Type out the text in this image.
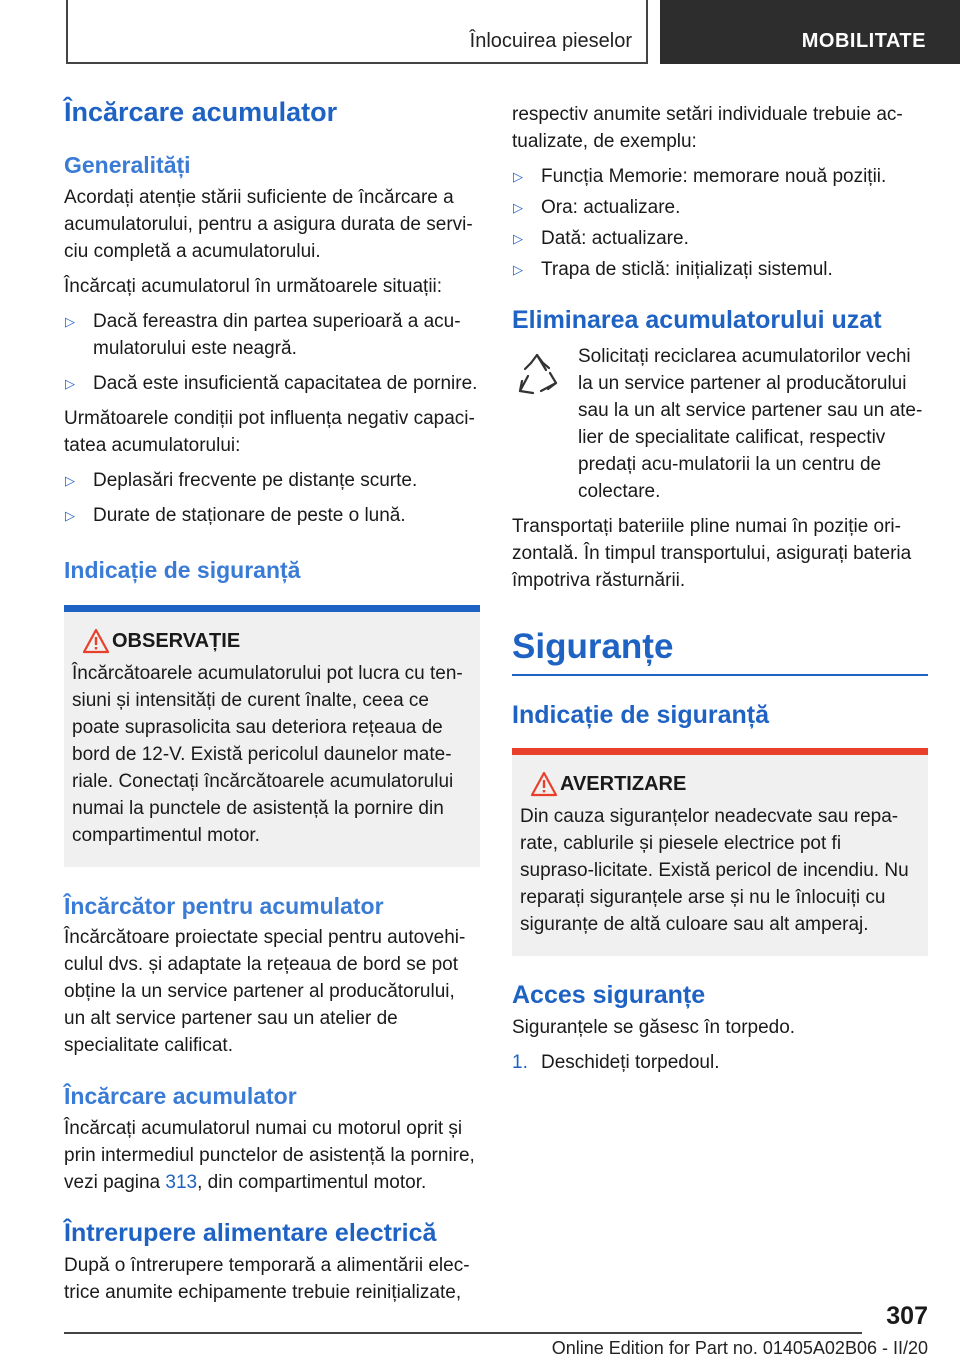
Înlocuirea pieselor	MOBILITATE
Încărcare acumulator
Generalități

Acordați atenție stării suficiente de încărcare a acumulatorului, pentru a asigura durata de servi-ciu completă a acumulatorului.

Încărcați acumulatorul în următoarele situații:

▷ Dacă fereastra din partea superioară a acu-mulatorului este neagră.
▷ Dacă este insuficientă capacitatea de pornire.

Următoarele condiții pot influența negativ capaci-tatea acumulatorului:

▷ Deplasări frecvente pe distanțe scurte.
▷ Durate de staționare de peste o lună.
Indicație de siguranță
OBSERVAȚIE

Încărcătoarele acumulatorului pot lucra cu ten-siuni și intensități de curent înalte, ceea ce poate suprasolicita sau deteriora rețeaua de bord de 12-V. Există pericolul daunelor mate-riale. Conectați încărcătoarele acumulatorului numai la punctele de asistență la pornire din compartimentul motor.

Încărcător pentru acumulator

Încărcătoare proiectate special pentru autovehi-culul dvs. și adaptate la rețeaua de bord se pot obține la un service partener al producătorului, un alt service partener sau un atelier de specialitate calificat.

Încărcare acumulator

Încărcați acumulatorul numai cu motorul oprit și prin intermediul punctelor de asistență la pornire, vezi pagina 313, din compartimentul motor.

Întrerupere alimentare electrică

După o întrerupere temporară a alimentării elec-trice anumite echipamente trebuie reinițializate,

respectiv anumite setări individuale trebuie ac-tualizate, de exemplu:

▷ Funcția Memorie: memorare nouă poziții.
▷ Ora: actualizare.
▷ Dată: actualizare.
▷ Trapa de sticlă: inițializați sistemul.
Eliminarea acumulatorului uzat

Solicitați reciclarea acumulatorilor vechi la un service partener al producătorului sau la un alt service partener sau un ate-lier de specialitate calificat, respectiv predați acu-mulatorii la un centru de colectare.

Transportați bateriile pline numai în poziție ori-zontală. În timpul transportului, asigurați bateria împotriva răsturnării.

Siguranțe
Indicație de siguranță
AVERTIZARE

Din cauza siguranțelor neadecvate sau repa-rate, cablurile și piesele electrice pot fi supraso-licitate. Există pericol de incendiu. Nu reparați siguranțele arse și nu le înlocuiți cu siguranțe de altă culoare sau alt amperaj.

Acces siguranțe

Siguranțele se găsesc în torpedo.

1. Deschideți torpedoul.
307
Online Edition for Part no. 01405A02B06 - II/20
